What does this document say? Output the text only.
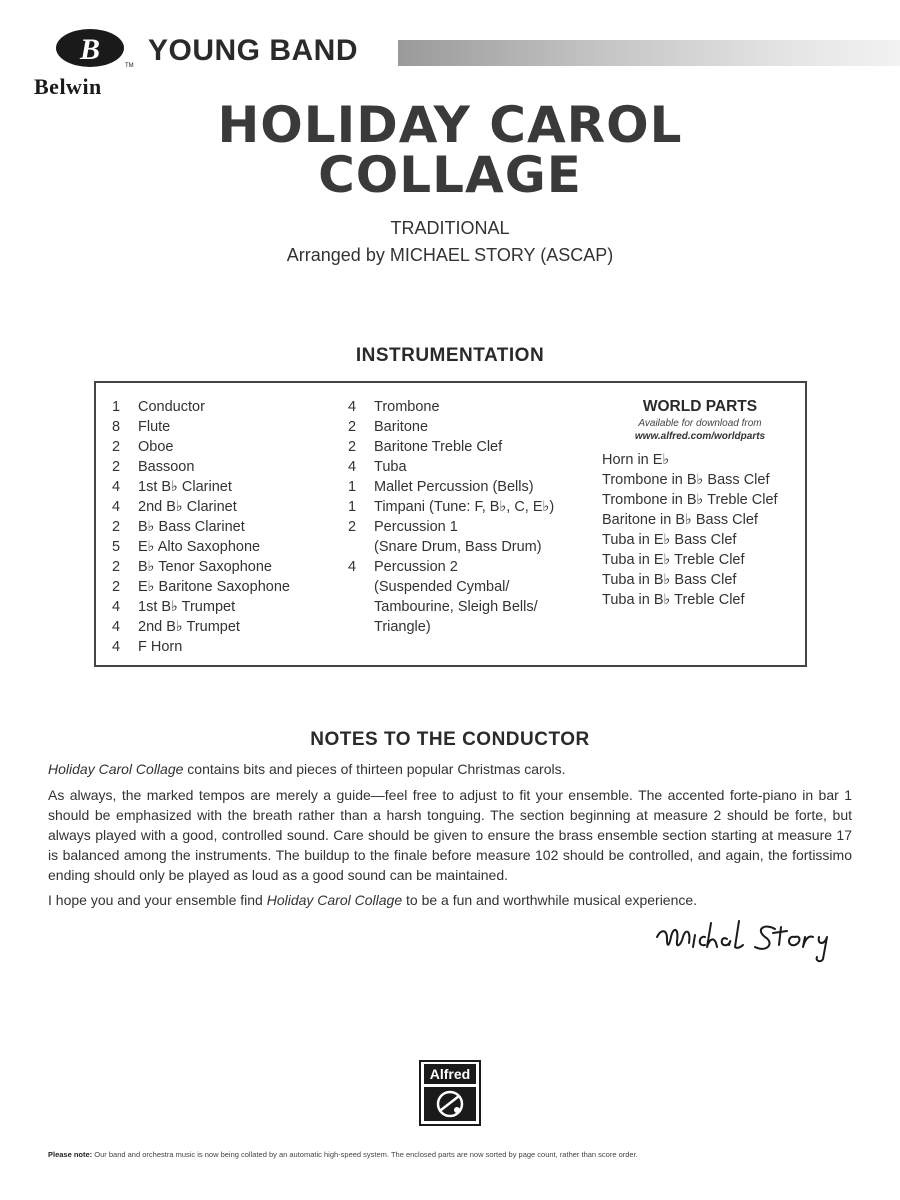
B	TM
Belwin
YOUNG BAND
HOLIDAY CAROL
COLLAGE
TRADITIONAL
Arranged by MICHAEL STORY (ASCAP)
INSTRUMENTATION
1	Conductor
8	Flute
2	Oboe
2	Bassoon
4	1st B♭ Clarinet
4	2nd B♭ Clarinet
2	B♭ Bass Clarinet
5	E♭ Alto Saxophone
2	B♭ Tenor Saxophone
2	E♭ Baritone Saxophone
4	1st B♭ Trumpet
4	2nd B♭ Trumpet
4	F Horn
4	Trombone
2	Baritone
2	Baritone Treble Clef
4	Tuba
1	Mallet Percussion (Bells)
1	Timpani (Tune: F, B♭, C, E♭)
2	Percussion 1
(Snare Drum, Bass Drum)
4	Percussion 2
(Suspended Cymbal/
Tambourine, Sleigh Bells/
Triangle)
WORLD PARTS
Available for download from
www.alfred.com/worldparts
Horn in E♭
Trombone in B♭ Bass Clef
Trombone in B♭ Treble Clef
Baritone in B♭ Bass Clef
Tuba in E♭ Bass Clef
Tuba in E♭ Treble Clef
Tuba in B♭ Bass Clef
Tuba in B♭ Treble Clef
NOTES TO THE CONDUCTOR
Holiday Carol Collage contains bits and pieces of thirteen popular Christmas carols.
As always, the marked tempos are merely a guide—feel free to adjust to fit your ensemble. The accented forte-piano in bar 1 should be emphasized with the breath rather than a harsh tonguing. The section beginning at measure 2 should be forte, but always played with a good, controlled sound. Care should be given to ensure the brass ensemble section starting at measure 17 is balanced among the instruments. The buildup to the finale before measure 102 should be controlled, and again, the fortissimo ending should only be played as loud as a good sound can be maintained.
I hope you and your ensemble find Holiday Carol Collage to be a fun and worthwhile musical experience.
Alfred
Please note: Our band and orchestra music is now being collated by an automatic high-speed system. The enclosed parts are now sorted by page count, rather than score order.
